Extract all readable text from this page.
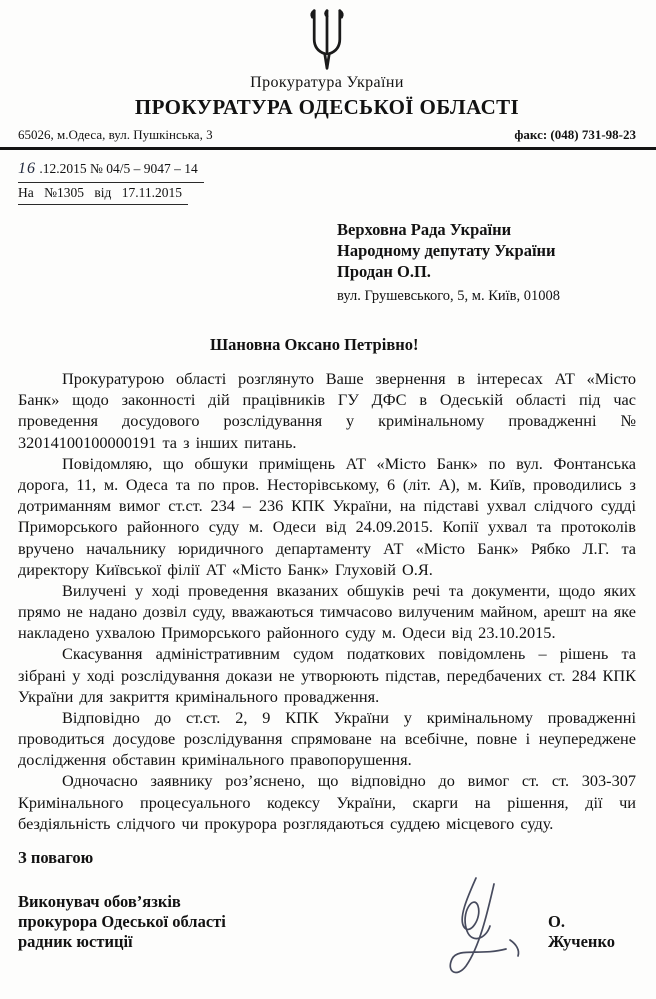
Прокуратура України
ПРОКУРАТУРА ОДЕСЬКОЇ ОБЛАСТІ
65026, м.Одеса, вул. Пушкінська, 3	факс: (048) 731-98-23
16 .12.2015 № 04/5 – 9047 – 14
На №1305 від 17.11.2015
Верховна Рада України
Народному депутату України
Продан О.П.
вул. Грушевського, 5, м. Київ, 01008
Шановна Оксано Петрівно!

Прокуратурою області розглянуто Ваше звернення в інтересах АТ «Місто Банк» щодо законності дій працівників ГУ ДФС в Одеській області під час проведення досудового розслідування у кримінальному провадженні № 32014100100000191 та з інших питань.

Повідомляю, що обшуки приміщень АТ «Місто Банк» по вул. Фонтанська дорога, 11, м. Одеса та по пров. Несторівському, 6 (літ. А), м. Київ, проводились з дотриманням вимог ст.ст. 234 – 236 КПК України, на підставі ухвал слідчого судді Приморського районного суду м. Одеси від 24.09.2015. Копії ухвал та протоколів вручено начальнику юридичного департаменту АТ «Місто Банк» Рябко Л.Г. та директору Київської філії АТ «Місто Банк» Глуховій О.Я.

Вилучені у ході проведення вказаних обшуків речі та документи, щодо яких прямо не надано дозвіл суду, вважаються тимчасово вилученим майном, арешт на яке накладено ухвалою Приморського районного суду м. Одеси від 23.10.2015.

Скасування адміністративним судом податкових повідомлень – рішень та зібрані у ході розслідування докази не утворюють підстав, передбачених ст. 284 КПК України для закриття кримінального провадження.

Відповідно до ст.ст. 2, 9 КПК України у кримінальному провадженні проводиться досудове розслідування спрямоване на всебічне, повне і неупереджене дослідження обставин кримінального правопорушення.

Одночасно заявнику роз’яснено, що відповідно до вимог ст. ст. 303-307 Кримінального процесуального кодексу України, скарги на рішення, дії чи бездіяльність слідчого чи прокурора розглядаються суддею місцевого суду.

З повагою
Виконувач обов’язків
прокурора Одеської області
радник юстиції
О. Жученко
